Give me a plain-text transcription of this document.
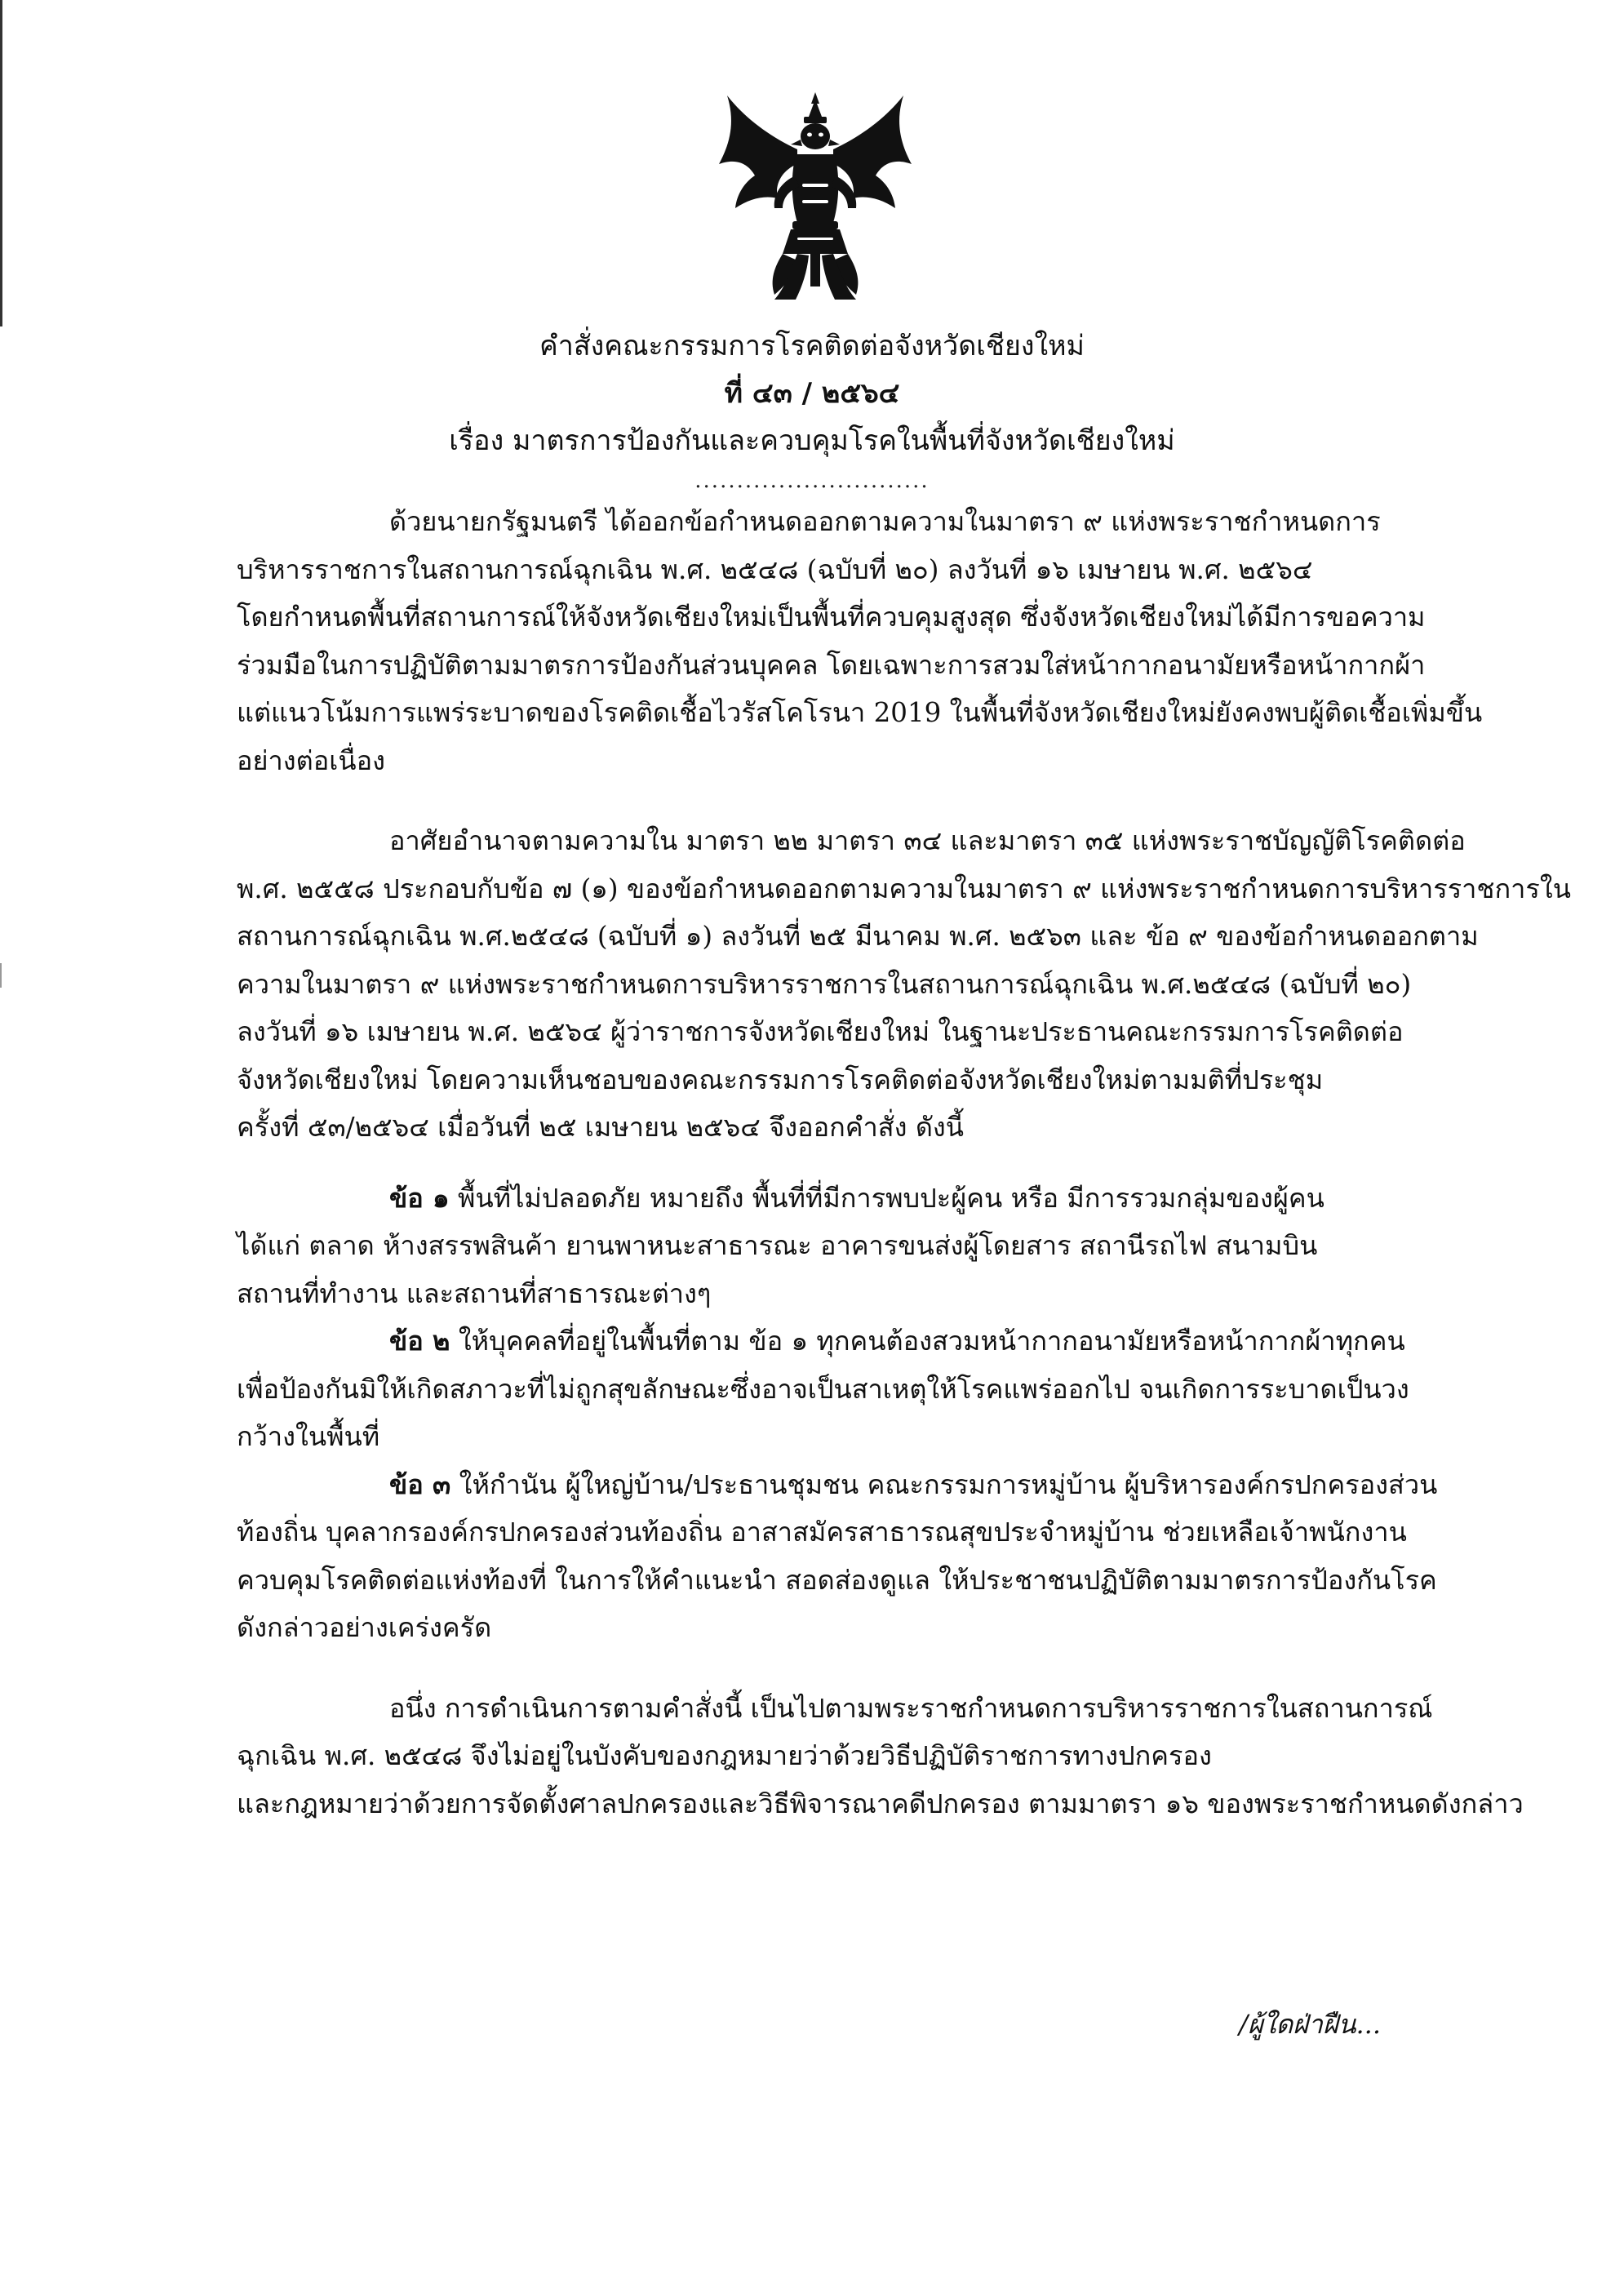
คำสั่งคณะกรรมการโรคติดต่อจังหวัดเชียงใหม่
ที่ ๔๓ / ๒๕๖๔
เรื่อง มาตรการป้องกันและควบคุมโรคในพื้นที่จังหวัดเชียงใหม่
............................

ด้วยนายกรัฐมนตรี ได้ออกข้อกำหนดออกตามความในมาตรา ๙ แห่งพระราชกำหนดการ
บริหารราชการในสถานการณ์ฉุกเฉิน พ.ศ. ๒๕๔๘ (ฉบับที่ ๒๐) ลงวันที่ ๑๖ เมษายน พ.ศ. ๒๕๖๔
โดยกำหนดพื้นที่สถานการณ์ให้จังหวัดเชียงใหม่เป็นพื้นที่ควบคุมสูงสุด ซึ่งจังหวัดเชียงใหม่ได้มีการขอความ
ร่วมมือในการปฏิบัติตามมาตรการป้องกันส่วนบุคคล โดยเฉพาะการสวมใส่หน้ากากอนามัยหรือหน้ากากผ้า
แต่แนวโน้มการแพร่ระบาดของโรคติดเชื้อไวรัสโคโรนา 2019 ในพื้นที่จังหวัดเชียงใหม่ยังคงพบผู้ติดเชื้อเพิ่มขึ้น
อย่างต่อเนื่อง

อาศัยอำนาจตามความใน มาตรา ๒๒ มาตรา ๓๔ และมาตรา ๓๕ แห่งพระราชบัญญัติโรคติดต่อ
พ.ศ. ๒๕๕๘ ประกอบกับข้อ ๗ (๑) ของข้อกำหนดออกตามความในมาตรา ๙ แห่งพระราชกำหนดการบริหารราชการใน
สถานการณ์ฉุกเฉิน พ.ศ.๒๕๔๘ (ฉบับที่ ๑) ลงวันที่ ๒๕ มีนาคม พ.ศ. ๒๕๖๓ และ ข้อ ๙ ของข้อกำหนดออกตาม
ความในมาตรา ๙ แห่งพระราชกำหนดการบริหารราชการในสถานการณ์ฉุกเฉิน พ.ศ.๒๕๔๘ (ฉบับที่ ๒๐)
ลงวันที่ ๑๖ เมษายน พ.ศ. ๒๕๖๔ ผู้ว่าราชการจังหวัดเชียงใหม่ ในฐานะประธานคณะกรรมการโรคติดต่อ
จังหวัดเชียงใหม่ โดยความเห็นชอบของคณะกรรมการโรคติดต่อจังหวัดเชียงใหม่ตามมติที่ประชุม
ครั้งที่ ๕๓/๒๕๖๔ เมื่อวันที่ ๒๕ เมษายน ๒๕๖๔ จึงออกคำสั่ง ดังนี้

ข้อ ๑ พื้นที่ไม่ปลอดภัย หมายถึง พื้นที่ที่มีการพบปะผู้คน หรือ มีการรวมกลุ่มของผู้คน
ได้แก่ ตลาด ห้างสรรพสินค้า ยานพาหนะสาธารณะ อาคารขนส่งผู้โดยสาร สถานีรถไฟ สนามบิน
สถานที่ทำงาน และสถานที่สาธารณะต่างๆ

ข้อ ๒ ให้บุคคลที่อยู่ในพื้นที่ตาม ข้อ ๑ ทุกคนต้องสวมหน้ากากอนามัยหรือหน้ากากผ้าทุกคน
เพื่อป้องกันมิให้เกิดสภาวะที่ไม่ถูกสุขลักษณะซึ่งอาจเป็นสาเหตุให้โรคแพร่ออกไป จนเกิดการระบาดเป็นวง
กว้างในพื้นที่

ข้อ ๓ ให้กำนัน ผู้ใหญ่บ้าน/ประธานชุมชน คณะกรรมการหมู่บ้าน ผู้บริหารองค์กรปกครองส่วน
ท้องถิ่น บุคลากรองค์กรปกครองส่วนท้องถิ่น อาสาสมัครสาธารณสุขประจำหมู่บ้าน ช่วยเหลือเจ้าพนักงาน
ควบคุมโรคติดต่อแห่งท้องที่ ในการให้คำแนะนำ สอดส่องดูแล ให้ประชาชนปฏิบัติตามมาตรการป้องกันโรค
ดังกล่าวอย่างเคร่งครัด

อนึ่ง การดำเนินการตามคำสั่งนี้ เป็นไปตามพระราชกำหนดการบริหารราชการในสถานการณ์
ฉุกเฉิน พ.ศ. ๒๕๔๘ จึงไม่อยู่ในบังคับของกฎหมายว่าด้วยวิธีปฏิบัติราชการทางปกครอง
และกฎหมายว่าด้วยการจัดตั้งศาลปกครองและวิธีพิจารณาคดีปกครอง ตามมาตรา ๑๖ ของพระราชกำหนดดังกล่าว

/ผู้ใดฝ่าฝืน...
